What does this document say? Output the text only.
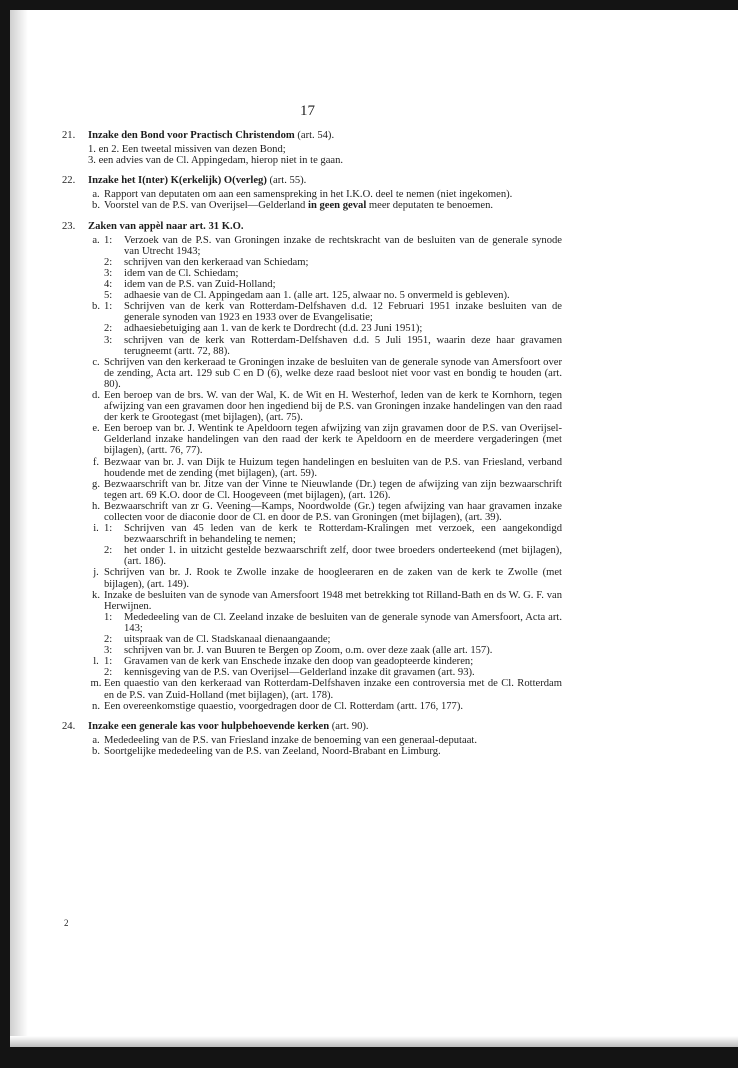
17
21.	Inzake den Bond voor Practisch Christendom (art. 54).
1. en 2. Een tweetal missiven van dezen Bond;
3. een advies van de Cl. Appingedam, hierop niet in te gaan.
22.	Inzake het I(nter) K(erkelijk) O(verleg) (art. 55).
a. Rapport van deputaten om aan een samenspreking in het I.K.O. deel te nemen (niet ingekomen).
b. Voorstel van de P.S. van Overijsel—Gelderland in geen geval meer deputaten te benoemen.
23.	Zaken van appèl naar art. 31 K.O.
a. 1:	Verzoek van de P.S. van Groningen inzake de rechtskracht van de besluiten van de generale synode van Utrecht 1943;
2:	schrijven van den kerkeraad van Schiedam;
3:	idem van de Cl. Schiedam;
4:	idem van de P.S. van Zuid-Holland;
5:	adhaesie van de Cl. Appingedam aan 1. (alle art. 125, alwaar no. 5 onvermeld is gebleven).
b. 1:	Schrijven van de kerk van Rotterdam-Delfshaven d.d. 12 Februari 1951 inzake besluiten van de generale synoden van 1923 en 1933 over de Evangelisatie;
2:	adhaesiebetuiging aan 1. van de kerk te Dordrecht (d.d. 23 Juni 1951);
3:	schrijven van de kerk van Rotterdam-Delfshaven d.d. 5 Juli 1951, waarin deze haar gravamen terugneemt (artt. 72, 88).
c. Schrijven van den kerkeraad te Groningen inzake de besluiten van de generale synode van Amersfoort over de zending, Acta art. 129 sub C en D (6), welke deze raad besloot niet voor vast en bondig te houden (art. 80).
d. Een beroep van de brs. W. van der Wal, K. de Wit en H. Westerhof, leden van de kerk te Kornhorn, tegen afwijzing van een gravamen door hen ingediend bij de P.S. van Groningen inzake handelingen van den raad der kerk te Grootegast (met bijlagen), (art. 75).
e. Een beroep van br. J. Wentink te Apeldoorn tegen afwijzing van zijn gravamen door de P.S. van Overijsel-Gelderland inzake handelingen van den raad der kerk te Apeldoorn en de meerdere vergaderingen (met bijlagen), (artt. 76, 77).
f. Bezwaar van br. J. van Dijk te Huizum tegen handelingen en besluiten van de P.S. van Friesland, verband houdende met de zending (met bijlagen), (art. 59).
g. Bezwaarschrift van br. Jitze van der Vinne te Nieuwlande (Dr.) tegen de afwijzing van zijn bezwaarschrift tegen art. 69 K.O. door de Cl. Hoogeveen (met bijlagen), (art. 126).
h. Bezwaarschrift van zr G. Veening—Kamps, Noordwolde (Gr.) tegen afwijzing van haar gravamen inzake collecten voor de diaconie door de Cl. en door de P.S. van Groningen (met bijlagen), (art. 39).
i. 1:	Schrijven van 45 leden van de kerk te Rotterdam-Kralingen met verzoek, een aangekondigd bezwaarschrift in behandeling te nemen;
2:	het onder 1. in uitzicht gestelde bezwaarschrift zelf, door twee broeders onderteekend (met bijlagen), (art. 186).
j. Schrijven van br. J. Rook te Zwolle inzake de hoogleeraren en de zaken van de kerk te Zwolle (met bijlagen), (art. 149).
k. Inzake de besluiten van de synode van Amersfoort 1948 met betrekking tot Rilland-Bath en ds W. G. F. van Herwijnen.
1:	Mededeeling van de Cl. Zeeland inzake de besluiten van de generale synode van Amersfoort, Acta art. 143;
2:	uitspraak van de Cl. Stadskanaal dienaangaande;
3:	schrijven van br. J. van Buuren te Bergen op Zoom, o.m. over deze zaak (alle art. 157).
l. 1:	Gravamen van de kerk van Enschede inzake den doop van geadopteerde kinderen;
2:	kennisgeving van de P.S. van Overijsel—Gelderland inzake dit gravamen (art. 93).
m. Een quaestio van den kerkeraad van Rotterdam-Delfshaven inzake een controversia met de Cl. Rotterdam en de P.S. van Zuid-Holland (met bijlagen), (art. 178).
n. Een overeenkomstige quaestio, voorgedragen door de Cl. Rotterdam (artt. 176, 177).
24.	Inzake een generale kas voor hulpbehoevende kerken (art. 90).
a. Mededeeling van de P.S. van Friesland inzake de benoeming van een generaal-deputaat.
b. Soortgelijke mededeeling van de P.S. van Zeeland, Noord-Brabant en Limburg.
2
